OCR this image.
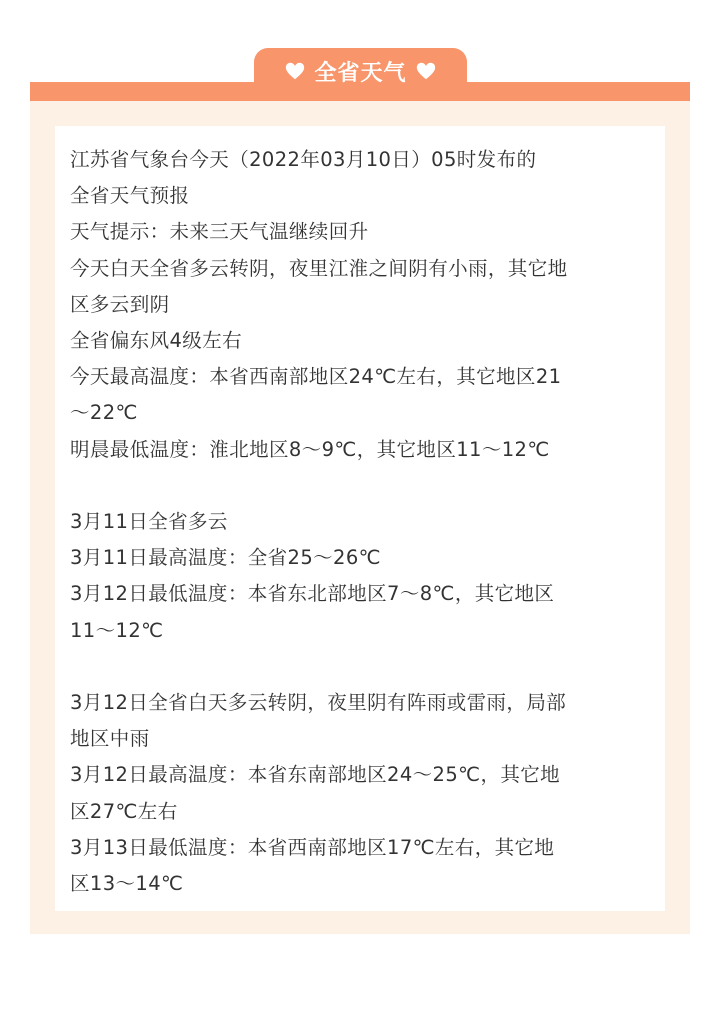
全省天气

江苏省气象台今天（2022年03月10日）05时发布的

全省天气预报

天气提示：未来三天气温继续回升

今天白天全省多云转阴，夜里江淮之间阴有小雨，其它地

区多云到阴

全省偏东风4级左右

今天最高温度：本省西南部地区24℃左右，其它地区21

～22℃

明晨最低温度：淮北地区8～9℃，其它地区11～12℃

3月11日全省多云

3月11日最高温度：全省25～26℃

3月12日最低温度：本省东北部地区7～8℃，其它地区

11～12℃

3月12日全省白天多云转阴，夜里阴有阵雨或雷雨，局部

地区中雨

3月12日最高温度：本省东南部地区24～25℃，其它地

区27℃左右

3月13日最低温度：本省西南部地区17℃左右，其它地

区13～14℃
